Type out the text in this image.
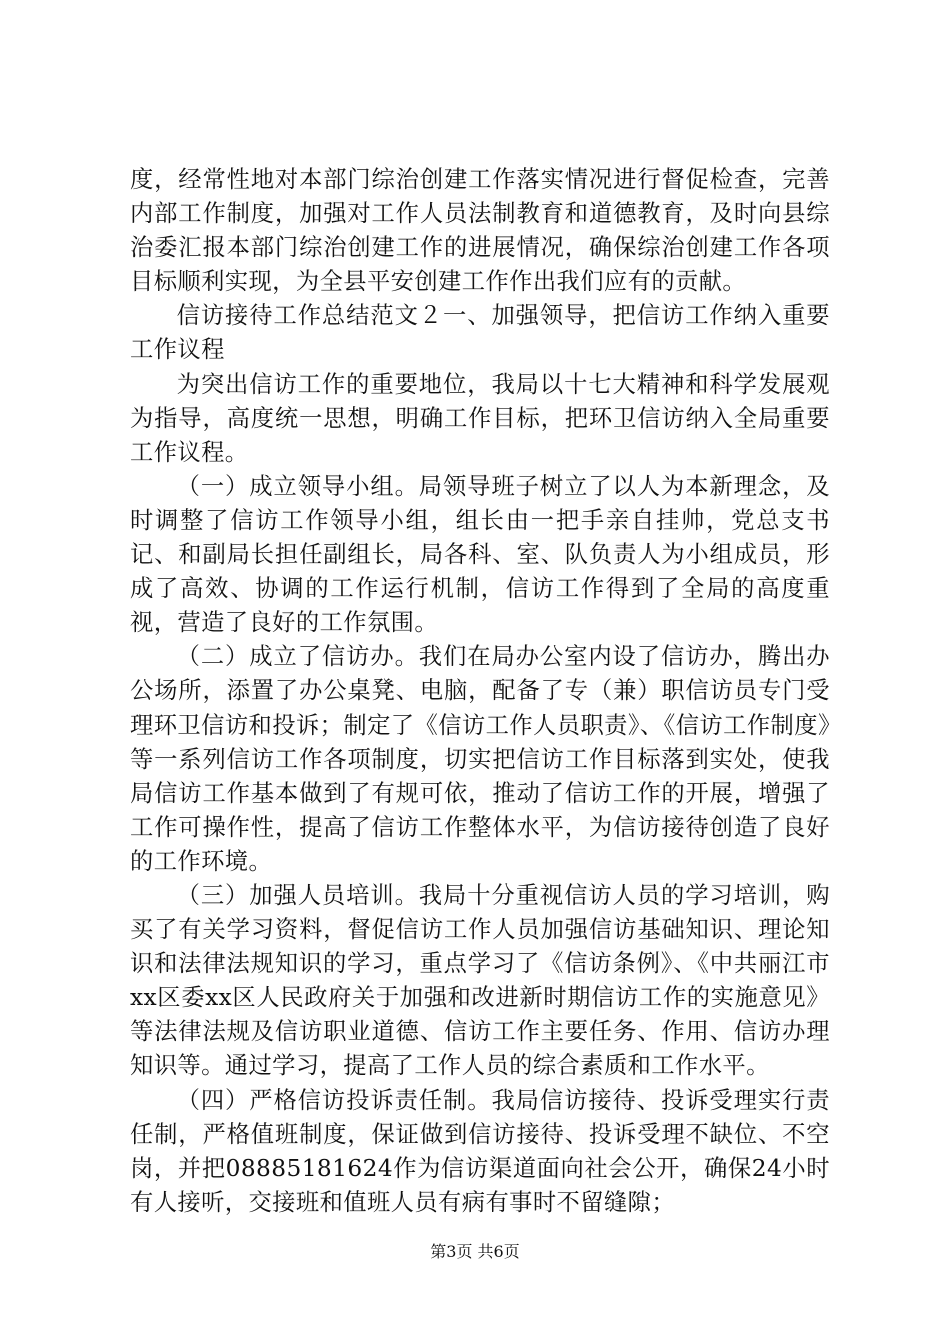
度，经常性地对本部门综治创建工作落实情况进行督促检查，完善内部工作制度，加强对工作人员法制教育和道德教育，及时向县综治委汇报本部门综治创建工作的进展情况，确保综治创建工作各项目标顺利实现，为全县平安创建工作作出我们应有的贡献。

信访接待工作总结范文２一、加强领导，把信访工作纳入重要工作议程

为突出信访工作的重要地位，我局以十七大精神和科学发展观为指导，高度统一思想，明确工作目标，把环卫信访纳入全局重要工作议程。

（一）成立领导小组。局领导班子树立了以人为本新理念，及时调整了信访工作领导小组，组长由一把手亲自挂帅，党总支书记、和副局长担任副组长，局各科、室、队负责人为小组成员，形成了高效、协调的工作运行机制，信访工作得到了全局的高度重视，营造了良好的工作氛围。

（二）成立了信访办。我们在局办公室内设了信访办，腾出办公场所，添置了办公桌凳、电脑，配备了专（兼）职信访员专门受理环卫信访和投诉；制定了《信访工作人员职责》、《信访工作制度》等一系列信访工作各项制度，切实把信访工作目标落到实处，使我局信访工作基本做到了有规可依，推动了信访工作的开展，增强了工作可操作性，提高了信访工作整体水平，为信访接待创造了良好的工作环境。

（三）加强人员培训。我局十分重视信访人员的学习培训，购买了有关学习资料，督促信访工作人员加强信访基础知识、理论知识和法律法规知识的学习，重点学习了《信访条例》、《中共丽江市xx区委xx区人民政府关于加强和改进新时期信访工作的实施意见》等法律法规及信访职业道德、信访工作主要任务、作用、信访办理知识等。通过学习，提高了工作人员的综合素质和工作水平。

（四）严格信访投诉责任制。我局信访接待、投诉受理实行责任制，严格值班制度，保证做到信访接待、投诉受理不缺位、不空岗，并把08885181624作为信访渠道面向社会公开，确保24小时有人接听，交接班和值班人员有病有事时不留缝隙；

第3页 共6页
